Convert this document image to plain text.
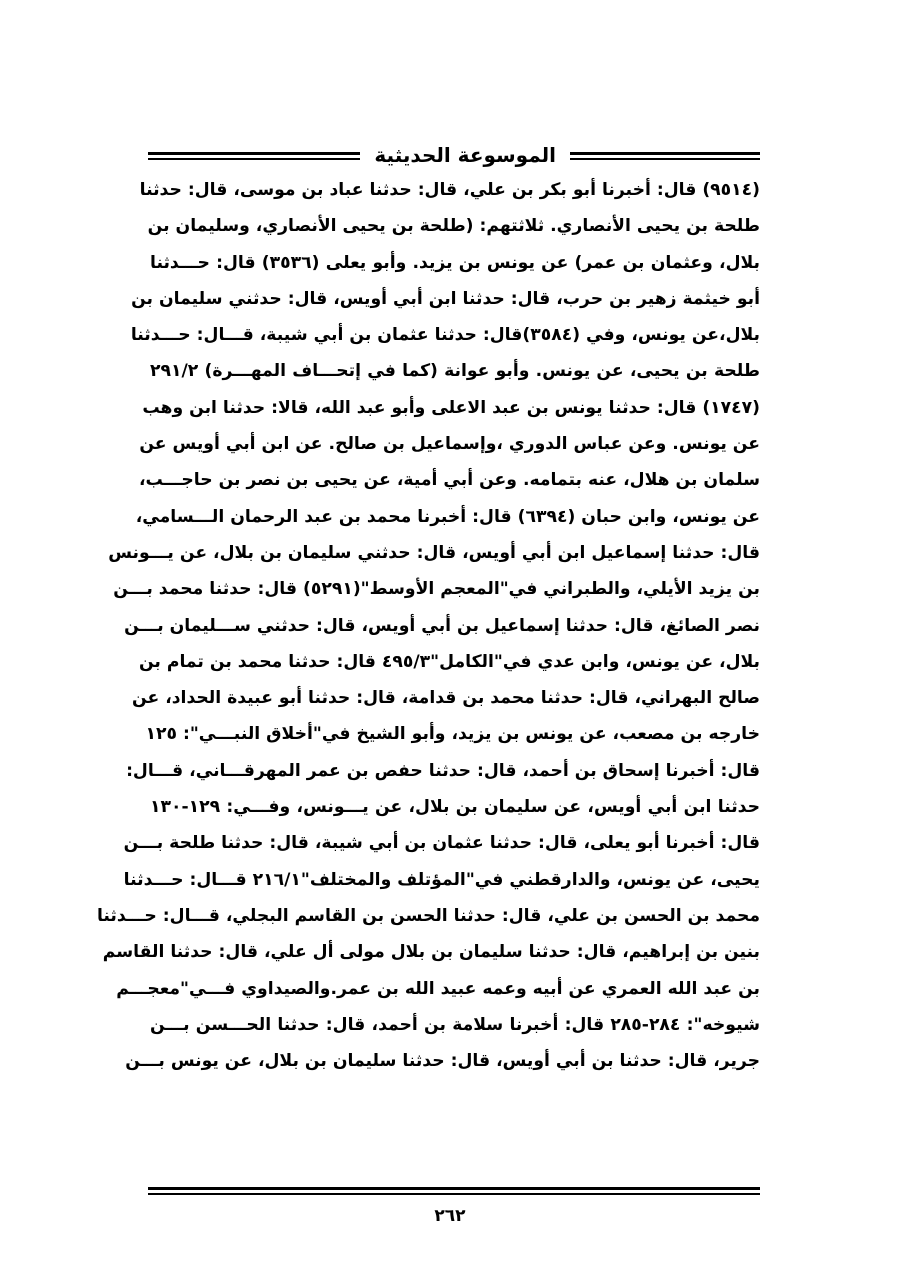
الموسوعة الحديثية
(٩٥١٤) قال: أخبرنا أبو بكر بن علي، قال: حدثنا عباد بن موسى، قال: حدثنا
طلحة بن يحيى الأنصاري. ثلاثتهم: (طلحة بن يحيى الأنصاري، وسليمان بن
بلال، وعثمان بن عمر) عن يونس بن يزيد. وأبو يعلى (٣٥٣٦) قال: حـــدثنا
أبو خيثمة زهير بن حرب، قال: حدثنا ابن أبي أويس، قال: حدثني سليمان بن
بلال،عن يونس، وفي (٣٥٨٤)قال: حدثنا عثمان بن أبي شيبة، قـــال: حـــدثنا
طلحة بن يحيى، عن يونس. وأبو عوانة (كما في إتحـــاف المهـــرة) ٢٩١/٢
(١٧٤٧) قال: حدثنا يونس بن عبد الاعلى وأبو عبد الله، قالا: حدثنا ابن وهب
عن يونس. وعن عباس الدوري ،وإسماعيل بن صالح. عن ابن أبي أويس عن
سلمان بن هلال، عنه بتمامه. وعن أبي أمية، عن يحيى بن نصر بن حاجـــب،
عن يونس، وابن حبان (٦٣٩٤) قال: أخبرنا محمد بن عبد الرحمان الـــسامي،
قال: حدثنا إسماعيل ابن أبي أويس، قال: حدثني سليمان بن بلال، عن يـــونس
بن يزيد الأيلي، والطبراني في"المعجم الأوسط"(٥٢٩١) قال: حدثنا محمد بـــن
نصر الصائغ، قال: حدثنا إسماعيل بن أبي أويس، قال: حدثني ســـليمان بـــن
بلال، عن يونس، وابن عدي في"الكامل"٤٩٥/٣ قال: حدثنا محمد بن تمام بن
صالح البهراني، قال: حدثنا محمد بن قدامة، قال: حدثنا أبو عبيدة الحداد، عن
خارجه بن مصعب، عن يونس بن يزيد، وأبو الشيخ في"أخلاق النبـــي": ١٢٥
قال: أخبرنا إسحاق بن أحمد، قال: حدثنا حفص بن عمر المهرقـــاني، قـــال:
حدثنا ابن أبي أويس، عن سليمان بن بلال، عن يـــونس، وفـــي: ١٢٩-١٣٠
قال: أخبرنا أبو يعلى، قال: حدثنا عثمان بن أبي شيبة، قال: حدثنا طلحة بـــن
يحيى، عن يونس، والدارقطني في"المؤتلف والمختلف"٢١٦/١ قـــال: حـــدثنا
محمد بن الحسن بن علي، قال: حدثنا الحسن بن القاسم البجلي، قـــال: حـــدثنا
بنين بن إبراهيم، قال: حدثنا سليمان بن بلال مولى أل علي، قال: حدثنا القاسم
بن عبد الله العمري عن أبيه وعمه عبيد الله بن عمر.والصيداوي فـــي"معجـــم
شيوخه": ٢٨٤-٢٨٥ قال: أخبرنا سلامة بن أحمد، قال: حدثنا الحـــسن بـــن
جرير، قال: حدثنا بن أبي أويس، قال: حدثنا سليمان بن بلال، عن يونس بـــن
٢٦٢
